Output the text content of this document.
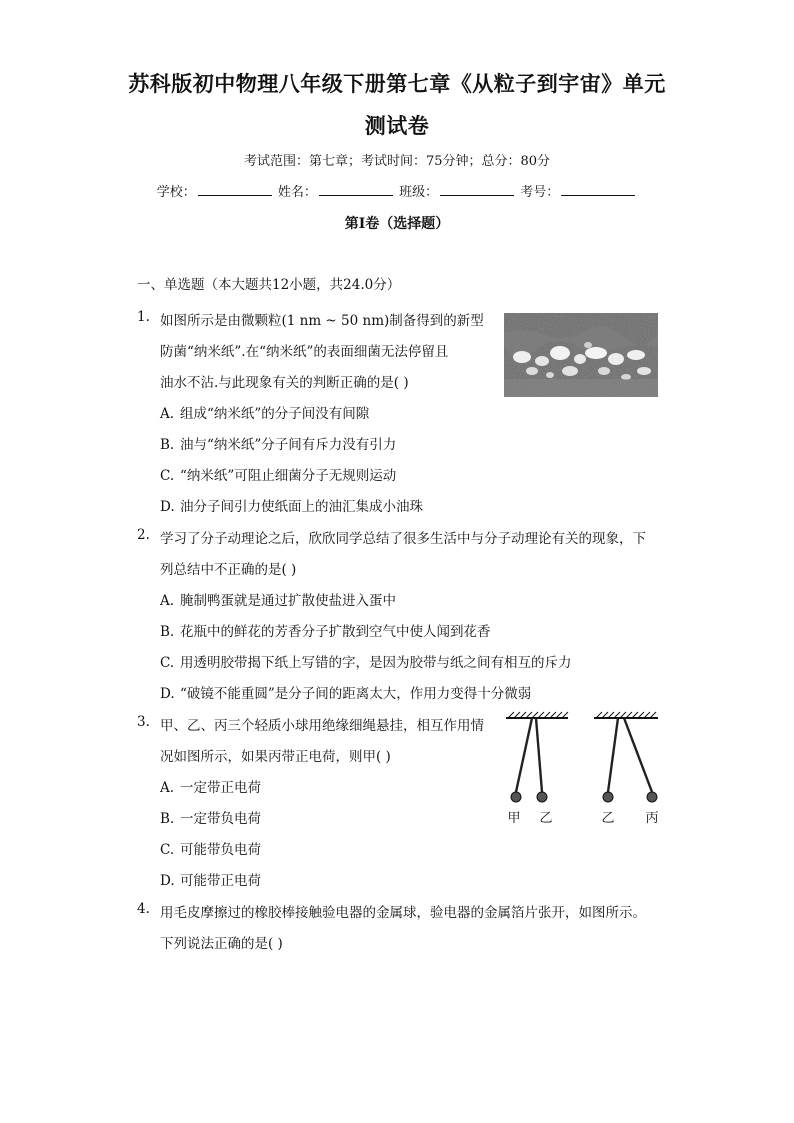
苏科版初中物理八年级下册第七章《从粒子到宇宙》单元
测试卷
考试范围：第七章；考试时间：75分钟；总分：80分
学校：	姓名：	班级：	考号：
第I卷（选择题）
一、单选题（本大题共12小题，共24.0分）
1. 如图所示是由微颗粒(1 nm ~ 50 nm)制备得到的新型
防菌“纳米纸”.在“纳米纸”的表面细菌无法停留且
油水不沾.与此现象有关的判断正确的是( )
A. 组成“纳米纸”的分子间没有间隙
B. 油与“纳米纸”分子间有斥力没有引力
C. “纳米纸”可阻止细菌分子无规则运动
D. 油分子间引力使纸面上的油汇集成小油珠
2. 学习了分子动理论之后，欣欣同学总结了很多生活中与分子动理论有关的现象，下
列总结中不正确的是( )
A. 腌制鸭蛋就是通过扩散使盐进入蛋中
B. 花瓶中的鲜花的芳香分子扩散到空气中使人闻到花香
C. 用透明胶带揭下纸上写错的字，是因为胶带与纸之间有相互的斥力
D. “破镜不能重圆”是分子间的距离太大，作用力变得十分微弱
3. 甲、乙、丙三个轻质小球用绝缘细绳悬挂，相互作用情
况如图所示，如果丙带正电荷，则甲( )
A. 一定带正电荷
B. 一定带负电荷
C. 可能带负电荷
D. 可能带正电荷
甲 乙	乙 丙
4. 用毛皮摩擦过的橡胶棒接触验电器的金属球，验电器的金属箔片张开，如图所示。
下列说法正确的是( )
